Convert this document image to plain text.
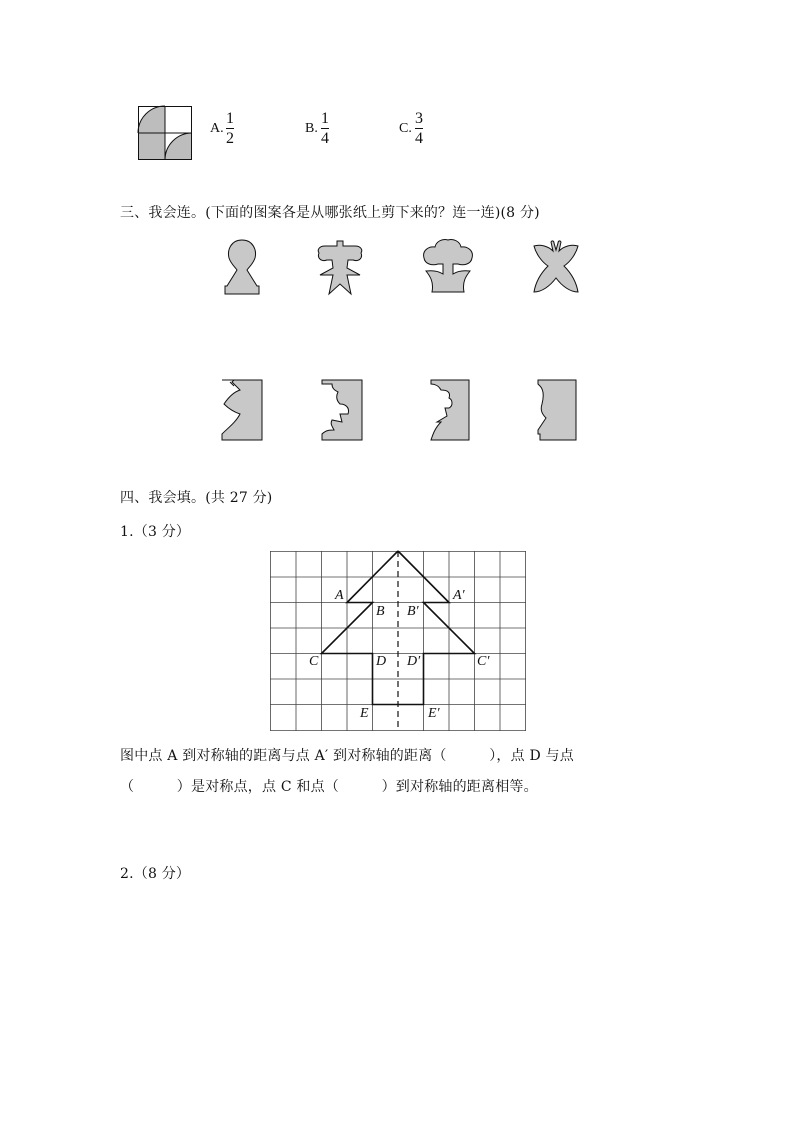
A.
1
2
B.
1
4
C.
3
4
三、我会连。(下面的图案各是从哪张纸上剪下来的？连一连)(8 分)
四、我会填。(共 27 分)
1.（3 分）
A	A′
B B′
C	C′
D D′
E	E′
图中点 A 到对称轴的距离与点 A′ 到对称轴的距离（　　　），点 D 与点
（　　　）是对称点，点 C 和点（　　　）到对称轴的距离相等。
2.（8 分）
